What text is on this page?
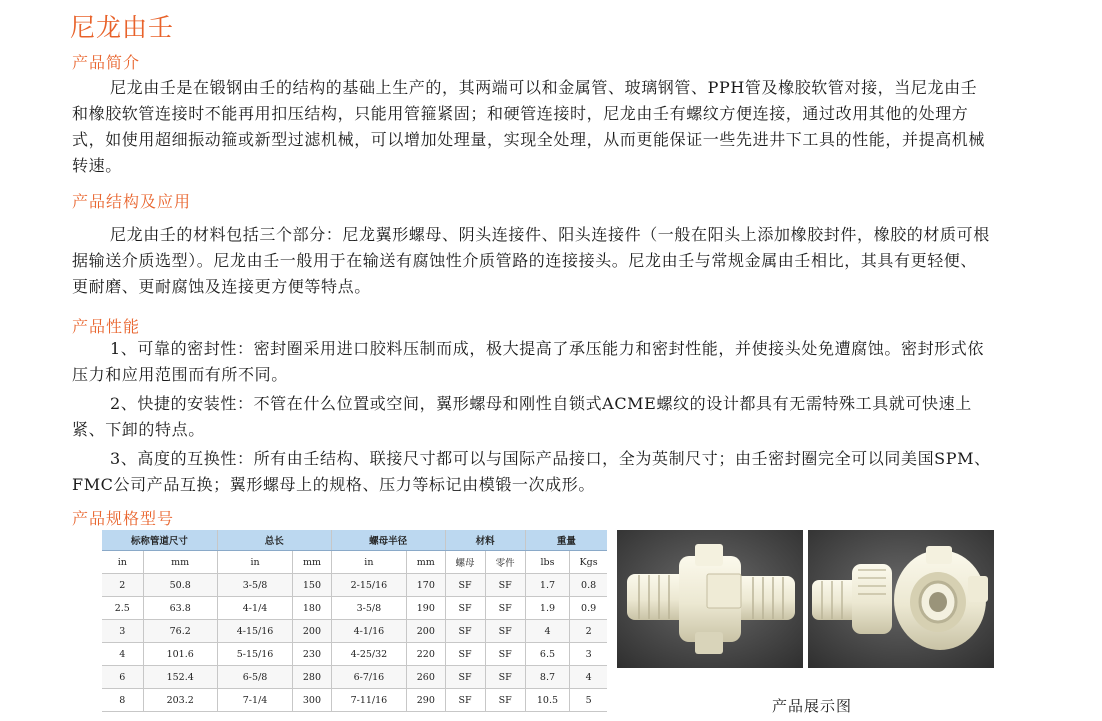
尼龙由壬
产品简介
尼龙由壬是在锻钢由壬的结构的基础上生产的，其两端可以和金属管、玻璃钢管、PPH管及橡胶软管对接，当尼龙由壬和橡胶软管连接时不能再用扣压结构，只能用管箍紧固；和硬管连接时，尼龙由壬有螺纹方便连接，通过改用其他的处理方式，如使用超细振动箍或新型过滤机械，可以增加处理量，实现全处理，从而更能保证一些先进井下工具的性能，并提高机械转速。
产品结构及应用
尼龙由壬的材料包括三个部分：尼龙翼形螺母、阴头连接件、阳头连接件（一般在阳头上添加橡胶封件，橡胶的材质可根据输送介质选型）。尼龙由壬一般用于在输送有腐蚀性介质管路的连接接头。尼龙由壬与常规金属由壬相比，其具有更轻便、更耐磨、更耐腐蚀及连接更方便等特点。
产品性能
1、可靠的密封性：密封圈采用进口胶料压制而成，极大提高了承压能力和密封性能，并使接头处免遭腐蚀。密封形式依压力和应用范围而有所不同。
2、快捷的安装性：不管在什么位置或空间，翼形螺母和刚性自锁式ACME螺纹的设计都具有无需特殊工具就可快速上紧、下卸的特点。
3、高度的互换性：所有由壬结构、联接尺寸都可以与国际产品接口，全为英制尺寸；由壬密封圈完全可以同美国SPM、FMC公司产品互换；翼形螺母上的规格、压力等标记由模锻一次成形。
产品规格型号
标称管道尺寸		总长		螺母半径		材料		重量	
in	mm	in	mm	in	mm	螺母	零件	lbs	Kgs
2	50.8	3-5/8	150	2-15/16	170	SF	SF	1.7	0.8
2.5	63.8	4-1/4	180	3-5/8	190	SF	SF	1.9	0.9
3	76.2	4-15/16	200	4-1/16	200	SF	SF	4	2
4	101.6	5-15/16	230	4-25/32	220	SF	SF	6.5	3
6	152.4	6-5/8	280	6-7/16	260	SF	SF	8.7	4
8	203.2	7-1/4	300	7-11/16	290	SF	SF	10.5	5	产品展示图
